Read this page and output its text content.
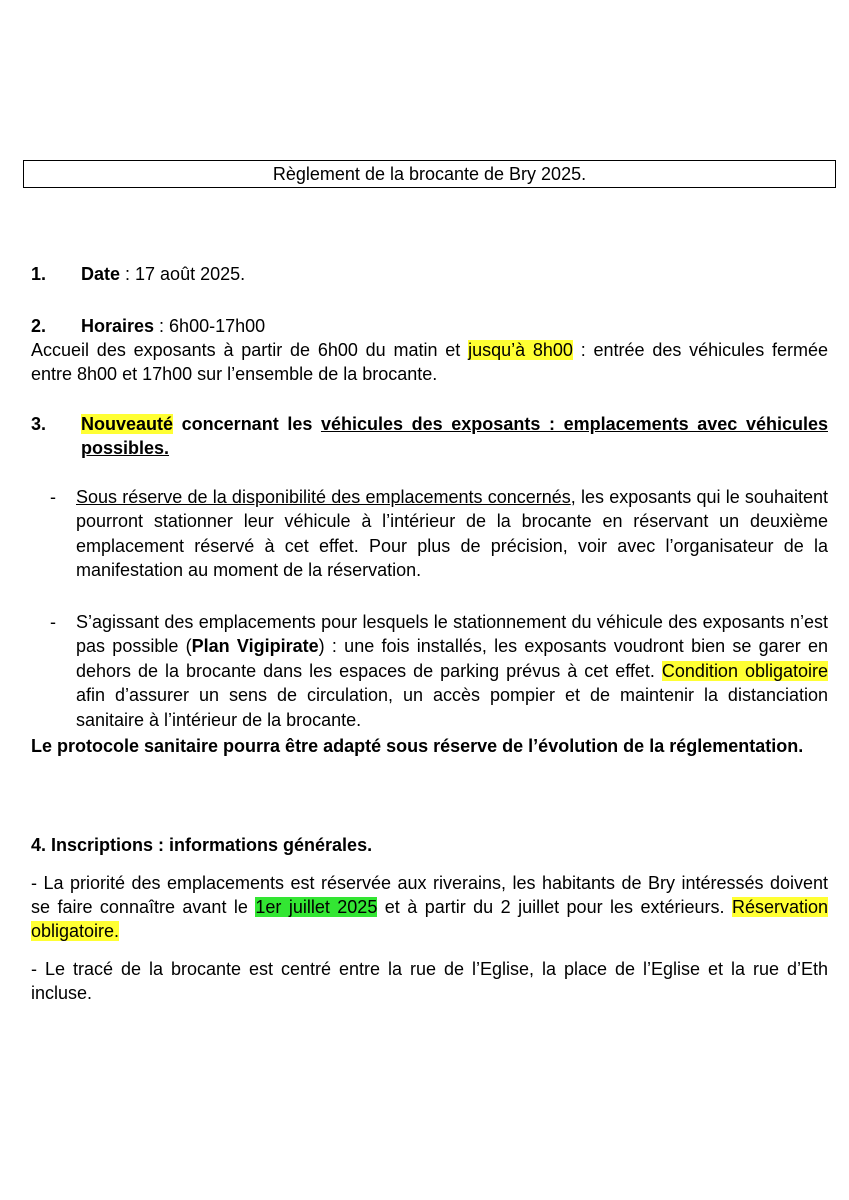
Règlement de la brocante de Bry 2025.
1. Date : 17 août 2025.
2. Horaires : 6h00-17h00
Accueil des exposants à partir de 6h00 du matin et jusqu’à 8h00 : entrée des véhicules fermée entre 8h00 et 17h00 sur l’ensemble de la brocante.
3.	Nouveauté concernant les véhicules des exposants : emplacements avec véhicules possibles.
-	Sous réserve de la disponibilité des emplacements concernés, les exposants qui le souhaitent pourront stationner leur véhicule à l’intérieur de la brocante en réservant un deuxième emplacement réservé à cet effet. Pour plus de précision, voir avec l’organisateur de la manifestation au moment de la réservation.
-	S’agissant des emplacements pour lesquels le stationnement du véhicule des exposants n’est pas possible (Plan Vigipirate) : une fois installés, les exposants voudront bien se garer en dehors de la brocante dans les espaces de parking prévus à cet effet. Condition obligatoire afin d’assurer un sens de circulation, un accès pompier et de maintenir la distanciation sanitaire à l’intérieur de la brocante.
Le protocole sanitaire pourra être adapté sous réserve de l’évolution de la réglementation.
4. Inscriptions : informations générales.
- La priorité des emplacements est réservée aux riverains, les habitants de Bry intéressés doivent se faire connaître avant le 1er juillet 2025 et à partir du 2 juillet pour les extérieurs. Réservation obligatoire.
- Le tracé de la brocante est centré entre la rue de l’Eglise, la place de l’Eglise et la rue d’Eth incluse.
